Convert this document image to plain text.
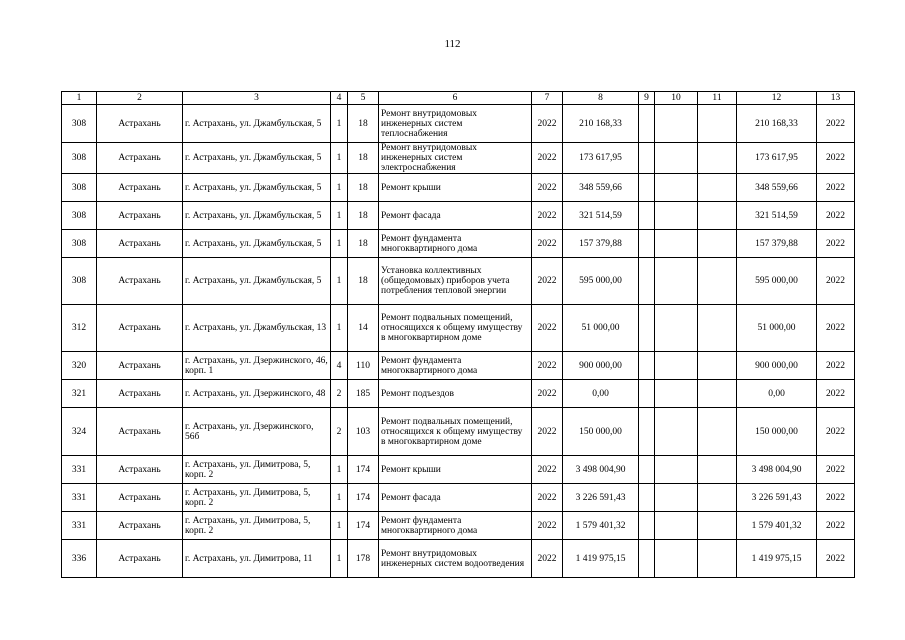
112
1	2	3	4	5	6	7	8	9	10	11	12	13
308	Астрахань	г. Астрахань, ул. Джамбульская, 5	1	18	Ремонт внутридомовых инженерных систем теплоснабжения	2022	210 168,33				210 168,33	2022
308	Астрахань	г. Астрахань, ул. Джамбульская, 5	1	18	Ремонт внутридомовых инженерных систем электроснабжения	2022	173 617,95				173 617,95	2022
308	Астрахань	г. Астрахань, ул. Джамбульская, 5	1	18	Ремонт крыши	2022	348 559,66				348 559,66	2022
308	Астрахань	г. Астрахань, ул. Джамбульская, 5	1	18	Ремонт фасада	2022	321 514,59				321 514,59	2022
308	Астрахань	г. Астрахань, ул. Джамбульская, 5	1	18	Ремонт фундамента многоквартирного дома	2022	157 379,88				157 379,88	2022
308	Астрахань	г. Астрахань, ул. Джамбульская, 5	1	18	Установка коллективных (общедомовых) приборов учета потребления тепловой энергии	2022	595 000,00				595 000,00	2022
312	Астрахань	г. Астрахань, ул. Джамбульская, 13	1	14	Ремонт подвальных помещений, относящихся к общему имуществу в многоквартирном доме	2022	51 000,00				51 000,00	2022
320	Астрахань	г. Астрахань, ул. Дзержинского, 46, корп. 1	4	110	Ремонт фундамента многоквартирного дома	2022	900 000,00				900 000,00	2022
321	Астрахань	г. Астрахань, ул. Дзержинского, 48	2	185	Ремонт подъездов	2022	0,00				0,00	2022
324	Астрахань	г. Астрахань, ул. Дзержинского, 56б	2	103	Ремонт подвальных помещений, относящихся к общему имуществу в многоквартирном доме	2022	150 000,00				150 000,00	2022
331	Астрахань	г. Астрахань, ул. Димитрова, 5, корп. 2	1	174	Ремонт крыши	2022	3 498 004,90				3 498 004,90	2022
331	Астрахань	г. Астрахань, ул. Димитрова, 5, корп. 2	1	174	Ремонт фасада	2022	3 226 591,43				3 226 591,43	2022
331	Астрахань	г. Астрахань, ул. Димитрова, 5, корп. 2	1	174	Ремонт фундамента многоквартирного дома	2022	1 579 401,32				1 579 401,32	2022
336	Астрахань	г. Астрахань, ул. Димитрова, 11	1	178	Ремонт внутридомовых инженерных систем водоотведения	2022	1 419 975,15				1 419 975,15	2022
